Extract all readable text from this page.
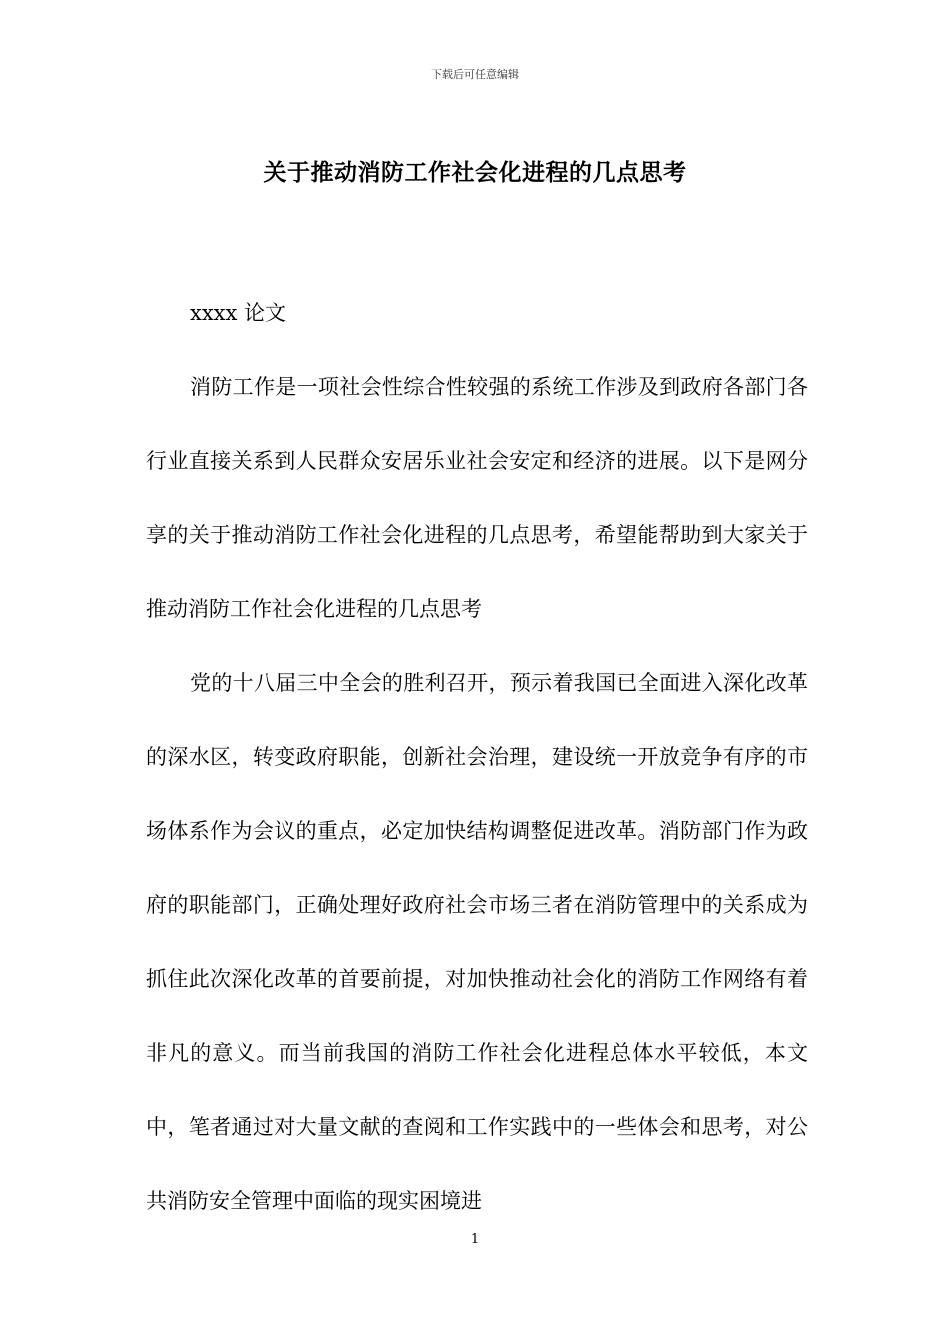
下载后可任意编辑
关于推动消防工作社会化进程的几点思考

xxxx 论文

消防工作是一项社会性综合性较强的系统工作涉及到政府各部门各行业直接关系到人民群众安居乐业社会安定和经济的进展。以下是网分享的关于推动消防工作社会化进程的几点思考，希望能帮助到大家关于推动消防工作社会化进程的几点思考

党的十八届三中全会的胜利召开，预示着我国已全面进入深化改革的深水区，转变政府职能，创新社会治理，建设统一开放竞争有序的市场体系作为会议的重点，必定加快结构调整促进改革。消防部门作为政府的职能部门，正确处理好政府社会市场三者在消防管理中的关系成为抓住此次深化改革的首要前提，对加快推动社会化的消防工作网络有着非凡的意义。而当前我国的消防工作社会化进程总体水平较低，本文中，笔者通过对大量文献的查阅和工作实践中的一些体会和思考，对公共消防安全管理中面临的现实困境进

1
